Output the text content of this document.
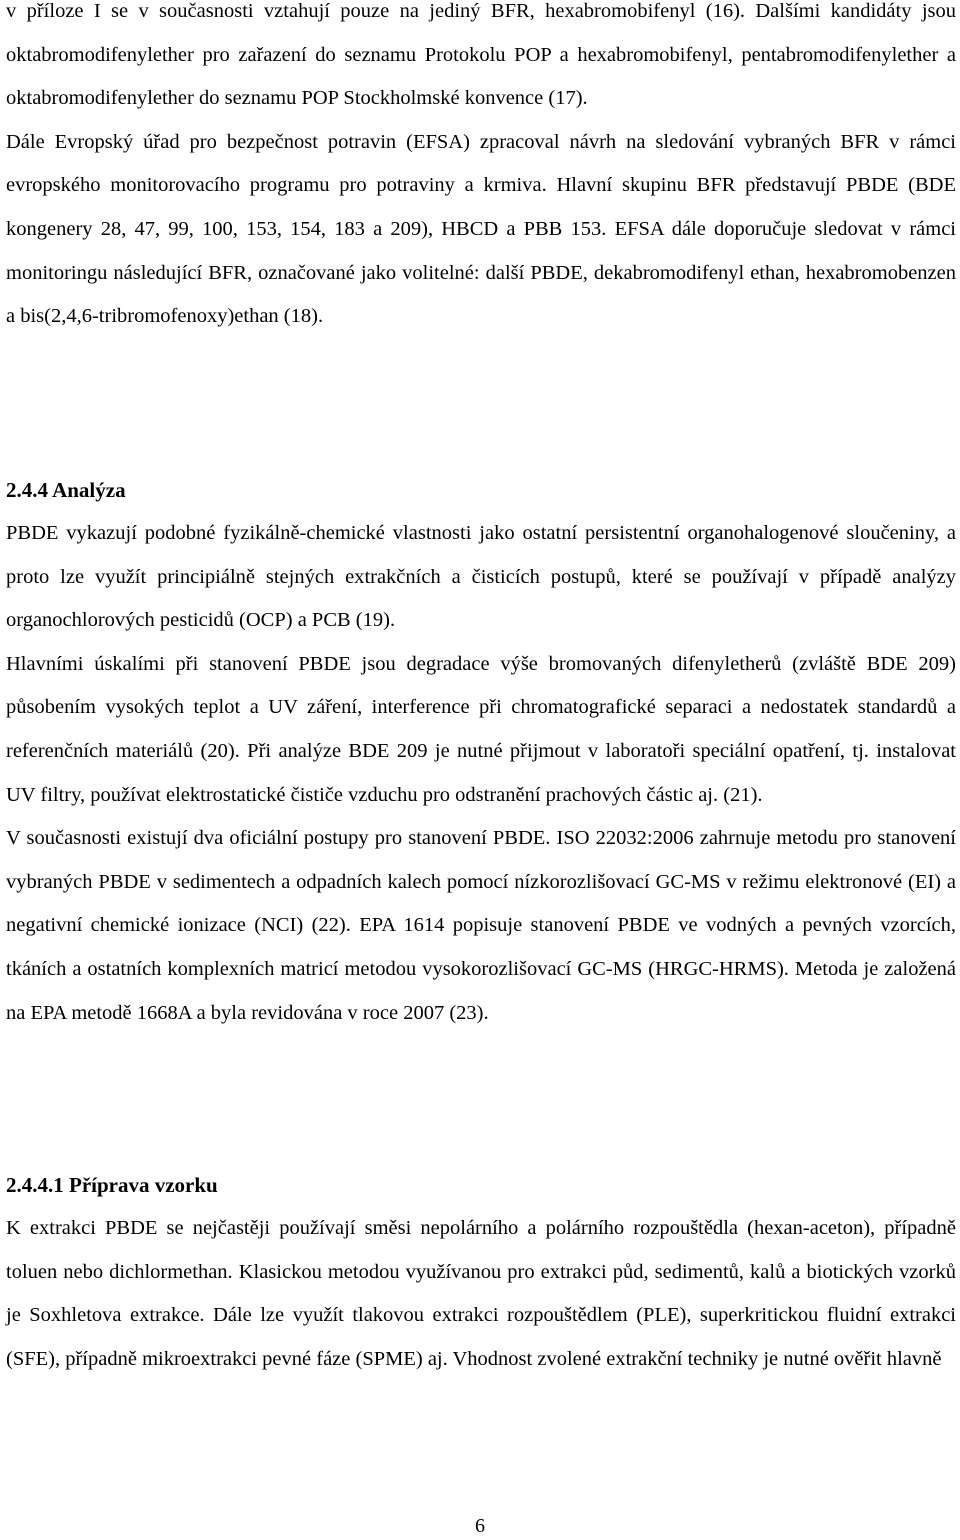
v příloze I se v současnosti vztahují pouze na jediný BFR, hexabromobifenyl (16). Dalšími kandidáty jsou oktabromodifenylether pro zařazení do seznamu Protokolu POP a hexabromobifenyl, pentabromodifenylether a oktabromodifenylether do seznamu POP Stockholmské konvence (17).

Dále Evropský úřad pro bezpečnost potravin (EFSA) zpracoval návrh na sledování vybraných BFR v rámci evropského monitorovacího programu pro potraviny a krmiva. Hlavní skupinu BFR představují PBDE (BDE kongenery 28, 47, 99, 100, 153, 154, 183 a 209), HBCD a PBB 153. EFSA dále doporučuje sledovat v rámci monitoringu následující BFR, označované jako volitelné: další PBDE, dekabromodifenyl ethan, hexabromobenzen a bis(2,4,6-tribromofenoxy)ethan (18).

2.4.4 Analýza

PBDE vykazují podobné fyzikálně-chemické vlastnosti jako ostatní persistentní organohalogenové sloučeniny, a proto lze využít principiálně stejných extrakčních a čisticích postupů, které se používají v případě analýzy organochlorových pesticidů (OCP) a PCB (19).

Hlavními úskalími při stanovení PBDE jsou degradace výše bromovaných difenyletherů (zvláště BDE 209) působením vysokých teplot a UV záření, interference při chromatografické separaci a nedostatek standardů a referenčních materiálů (20). Při analýze BDE 209 je nutné přijmout v laboratoři speciální opatření, tj. instalovat UV filtry, používat elektrostatické čističe vzduchu pro odstranění prachových částic aj. (21).

V současnosti existují dva oficiální postupy pro stanovení PBDE. ISO 22032:2006 zahrnuje metodu pro stanovení vybraných PBDE v sedimentech a odpadních kalech pomocí nízkorozlišovací GC-MS v režimu elektronové (EI) a negativní chemické ionizace (NCI) (22). EPA 1614 popisuje stanovení PBDE ve vodných a pevných vzorcích, tkáních a ostatních komplexních matricí metodou vysokorozlišovací GC-MS (HRGC-HRMS). Metoda je založená na EPA metodě 1668A a byla revidována v roce 2007 (23).

2.4.4.1 Příprava vzorku

K extrakci PBDE se nejčastěji používají směsi nepolárního a polárního rozpouštědla (hexan-aceton), případně toluen nebo dichlormethan. Klasickou metodou využívanou pro extrakci půd, sedimentů, kalů a biotických vzorků je Soxhletova extrakce. Dále lze využít tlakovou extrakci rozpouštědlem (PLE), superkritickou fluidní extrakci (SFE), případně mikroextrakci pevné fáze (SPME) aj. Vhodnost zvolené extrakční techniky je nutné ověřit hlavně

6
